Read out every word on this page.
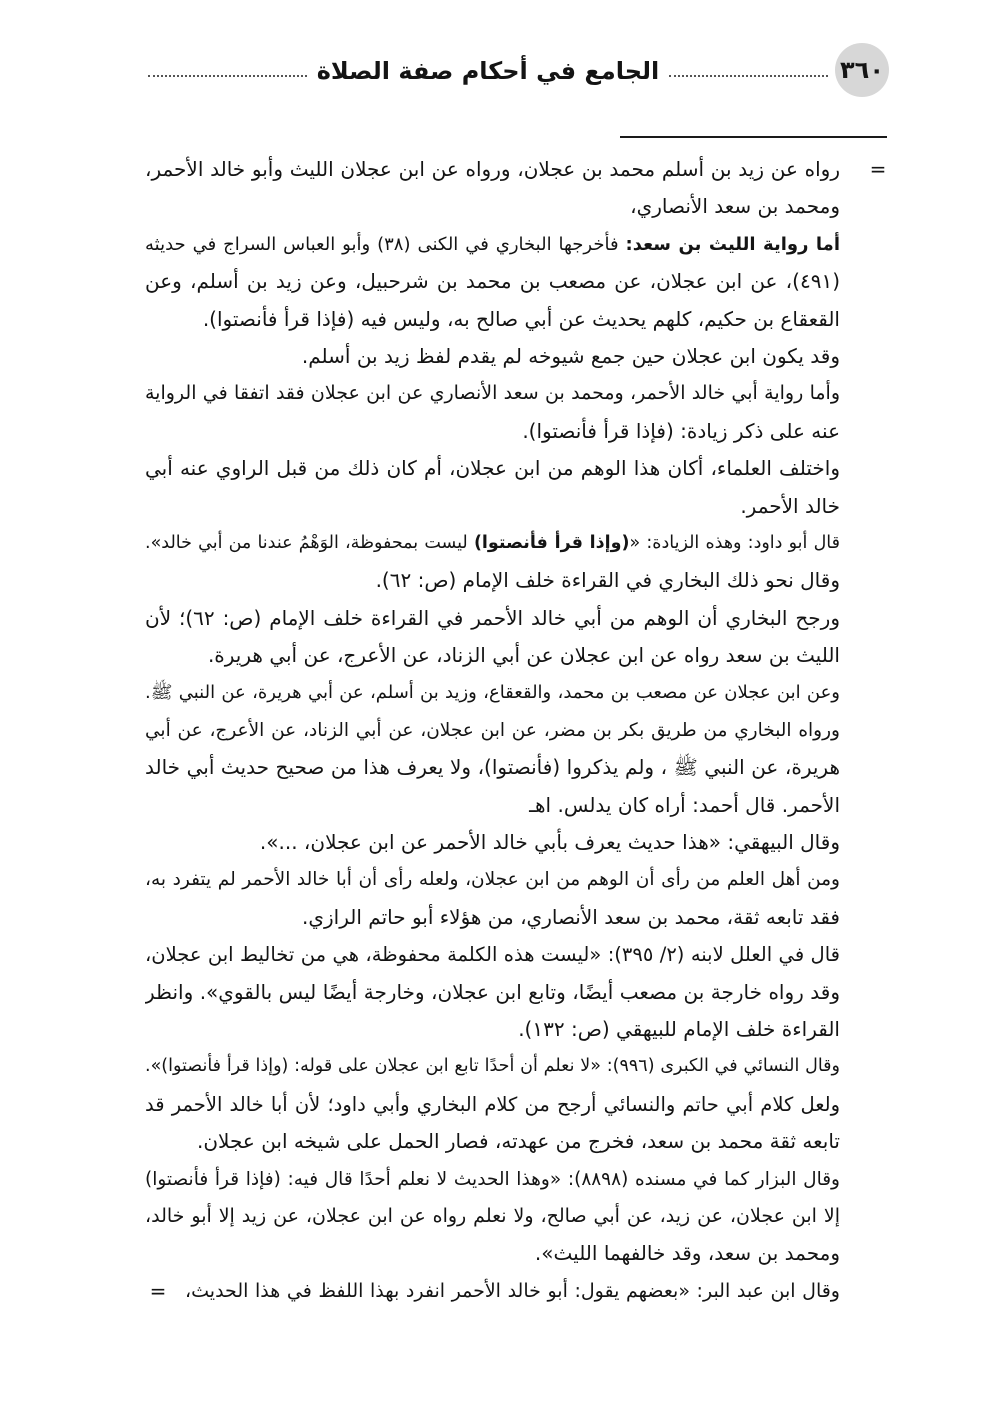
٣٦٠
الجامع في أحكام صفة الصلاة
=
=
رواه عن زيد بن أسلم محمد بن عجلان، ورواه عن ابن عجلان الليث وأبو خالد الأحمر،
ومحمد بن سعد الأنصاري،
أما رواية الليث بن سعد: فأخرجها البخاري في الكنى (٣٨) وأبو العباس السراج في حديثه
(٤٩١)، عن ابن عجلان، عن مصعب بن محمد بن شرحبيل، وعن زيد بن أسلم، وعن
القعقاع بن حكيم، كلهم يحديث عن أبي صالح به، وليس فيه (فإذا قرأ فأنصتوا).
وقد يكون ابن عجلان حين جمع شيوخه لم يقدم لفظ زيد بن أسلم.
وأما رواية أبي خالد الأحمر، ومحمد بن سعد الأنصاري عن ابن عجلان فقد اتفقا في الرواية
عنه على ذكر زيادة: (فإذا قرأ فأنصتوا).
واختلف العلماء، أكان هذا الوهم من ابن عجلان، أم كان ذلك من قبل الراوي عنه أبي
خالد الأحمر.
قال أبو داود: وهذه الزيادة: «(وإذا قرأ فأنصتوا) ليست بمحفوظة، الوَهْمُ عندنا من أبي خالد».
وقال نحو ذلك البخاري في القراءة خلف الإمام (ص: ٦٢).
ورجح البخاري أن الوهم من أبي خالد الأحمر في القراءة خلف الإمام (ص: ٦٢)؛ لأن
الليث بن سعد رواه عن ابن عجلان عن أبي الزناد، عن الأعرج، عن أبي هريرة.
وعن ابن عجلان عن مصعب بن محمد، والقعقاع، وزيد بن أسلم، عن أبي هريرة، عن النبي ﷺ.
ورواه البخاري من طريق بكر بن مضر، عن ابن عجلان، عن أبي الزناد، عن الأعرج، عن أبي
هريرة، عن النبي ﷺ ، ولم يذكروا (فأنصتوا)، ولا يعرف هذا من صحيح حديث أبي خالد
الأحمر. قال أحمد: أراه كان يدلس. اهـ
وقال البيهقي: «هذا حديث يعرف بأبي خالد الأحمر عن ابن عجلان، ...».
ومن أهل العلم من رأى أن الوهم من ابن عجلان، ولعله رأى أن أبا خالد الأحمر لم يتفرد به،
فقد تابعه ثقة، محمد بن سعد الأنصاري، من هؤلاء أبو حاتم الرازي.
قال في العلل لابنه (٢/ ٣٩٥): «ليست هذه الكلمة محفوظة، هي من تخاليط ابن عجلان،
وقد رواه خارجة بن مصعب أيضًا، وتابع ابن عجلان، وخارجة أيضًا ليس بالقوي». وانظر
القراءة خلف الإمام للبيهقي (ص: ١٣٢).
وقال النسائي في الكبرى (٩٩٦): «لا نعلم أن أحدًا تابع ابن عجلان على قوله: (وإذا قرأ فأنصتوا)».
ولعل كلام أبي حاتم والنسائي أرجح من كلام البخاري وأبي داود؛ لأن أبا خالد الأحمر قد
تابعه ثقة محمد بن سعد، فخرج من عهدته، فصار الحمل على شيخه ابن عجلان.
وقال البزار كما في مسنده (٨٨٩٨): «وهذا الحديث لا نعلم أحدًا قال فيه: (فإذا قرأ فأنصتوا)
إلا ابن عجلان، عن زيد، عن أبي صالح، ولا نعلم رواه عن ابن عجلان، عن زيد إلا أبو خالد،
ومحمد بن سعد، وقد خالفهما الليث».
وقال ابن عبد البر: «بعضهم يقول: أبو خالد الأحمر انفرد بهذا اللفظ في هذا الحديث،
